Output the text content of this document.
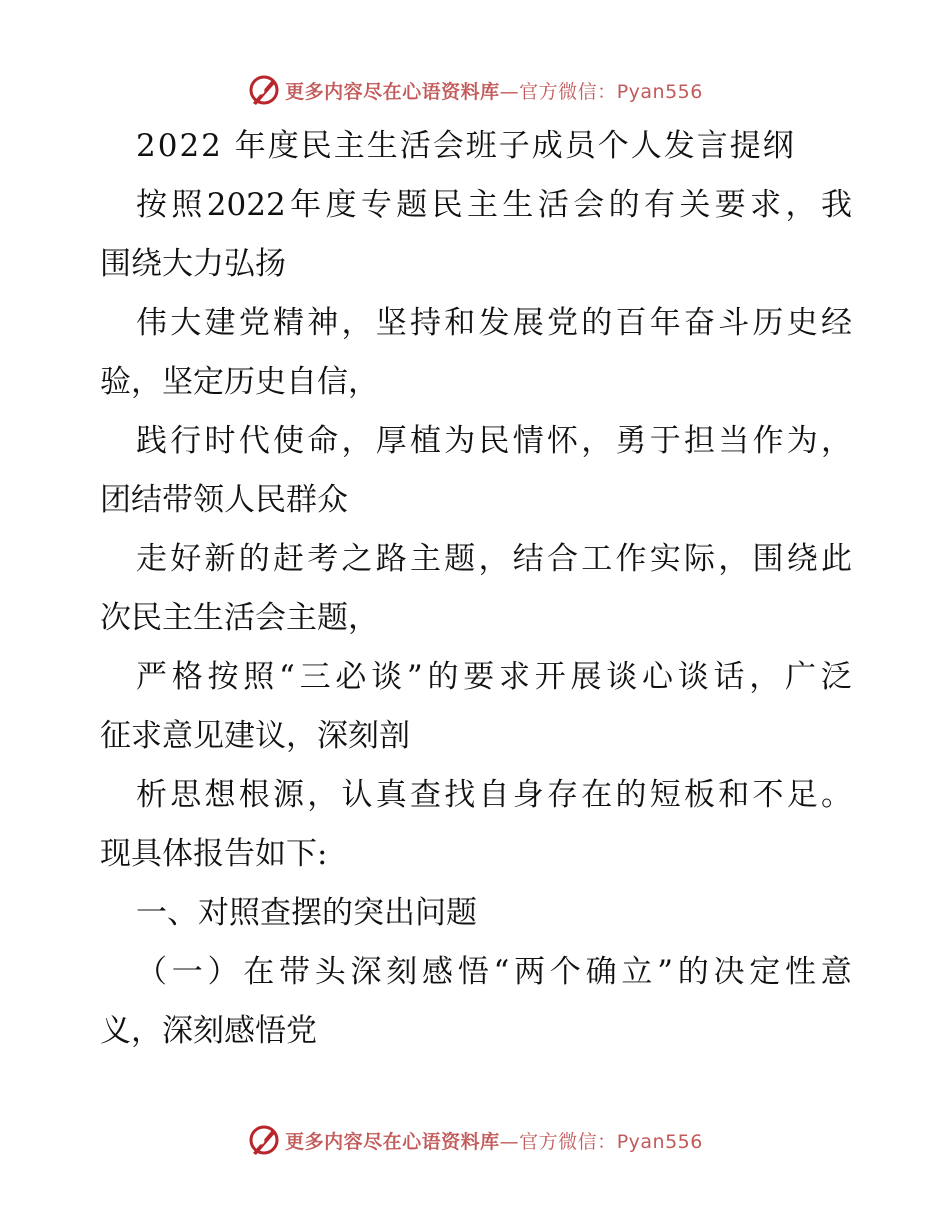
更多内容尽在心语资料库—官方微信：Pyan556
2022 年度民主生活会班子成员个人发言提纲
按 照 2022 年 度 专 题 民 主 生 活 会 的 有 关 要 求 ， 我
围绕大力弘扬
伟 大 建 党 精 神 ， 坚 持 和 发 展 党 的 百 年 奋 斗 历 史 经
验，坚定历史自信，
践 行 时 代 使 命 ， 厚 植 为 民 情 怀 ， 勇 于 担 当 作 为 ，
团结带领人民群众
走 好 新 的 赶 考 之 路 主 题 ， 结 合 工 作 实 际 ， 围 绕 此
次民主生活会主题，
严 格 按 照 “ 三 必 谈 ” 的 要 求 开 展 谈 心 谈 话 ， 广 泛
征求意见建议，深刻剖
析 思 想 根 源 ， 认 真 查 找 自 身 存 在 的 短 板 和 不 足 。
现具体报告如下:
一、对照查摆的突出问题
（ 一 ） 在 带 头 深 刻 感 悟 “ 两 个 确 立 ” 的 决 定 性 意
义，深刻感悟党
更多内容尽在心语资料库—官方微信：Pyan556
